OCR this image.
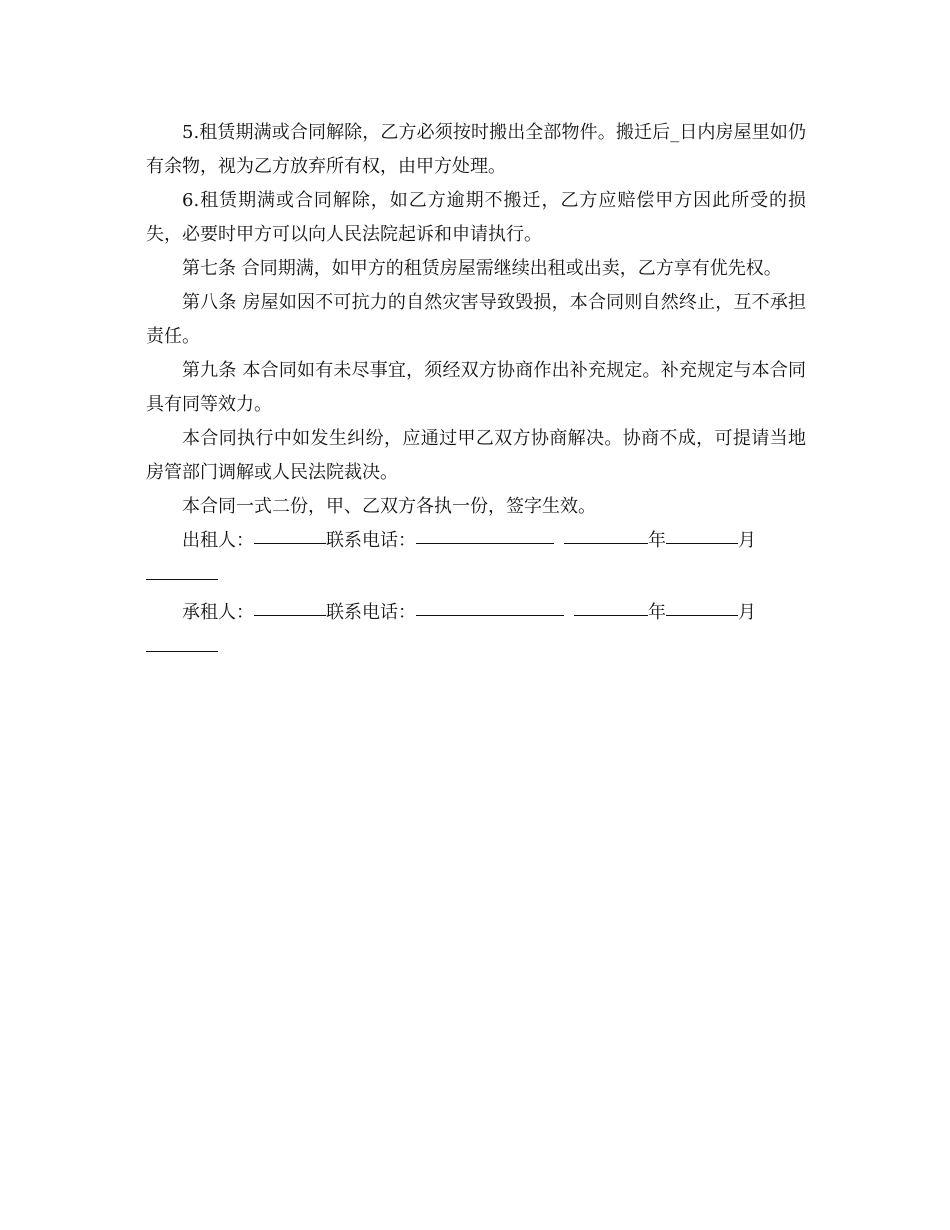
5.租赁期满或合同解除，乙方必须按时搬出全部物件。搬迁后_日内房屋里如仍有余物，视为乙方放弃所有权，由甲方处理。

6.租赁期满或合同解除，如乙方逾期不搬迁，乙方应赔偿甲方因此所受的损失，必要时甲方可以向人民法院起诉和申请执行。

第七条 合同期满，如甲方的租赁房屋需继续出租或出卖，乙方享有优先权。

第八条 房屋如因不可抗力的自然灾害导致毁损，本合同则自然终止，互不承担责任。

第九条 本合同如有未尽事宜，须经双方协商作出补充规定。补充规定与本合同具有同等效力。

本合同执行中如发生纠纷，应通过甲乙双方协商解决。协商不成，可提请当地房管部门调解或人民法院裁决。

本合同一式二份，甲、乙双方各执一份，签字生效。

出租人：	联系电话：	年	月

承租人：	联系电话：	年	月
